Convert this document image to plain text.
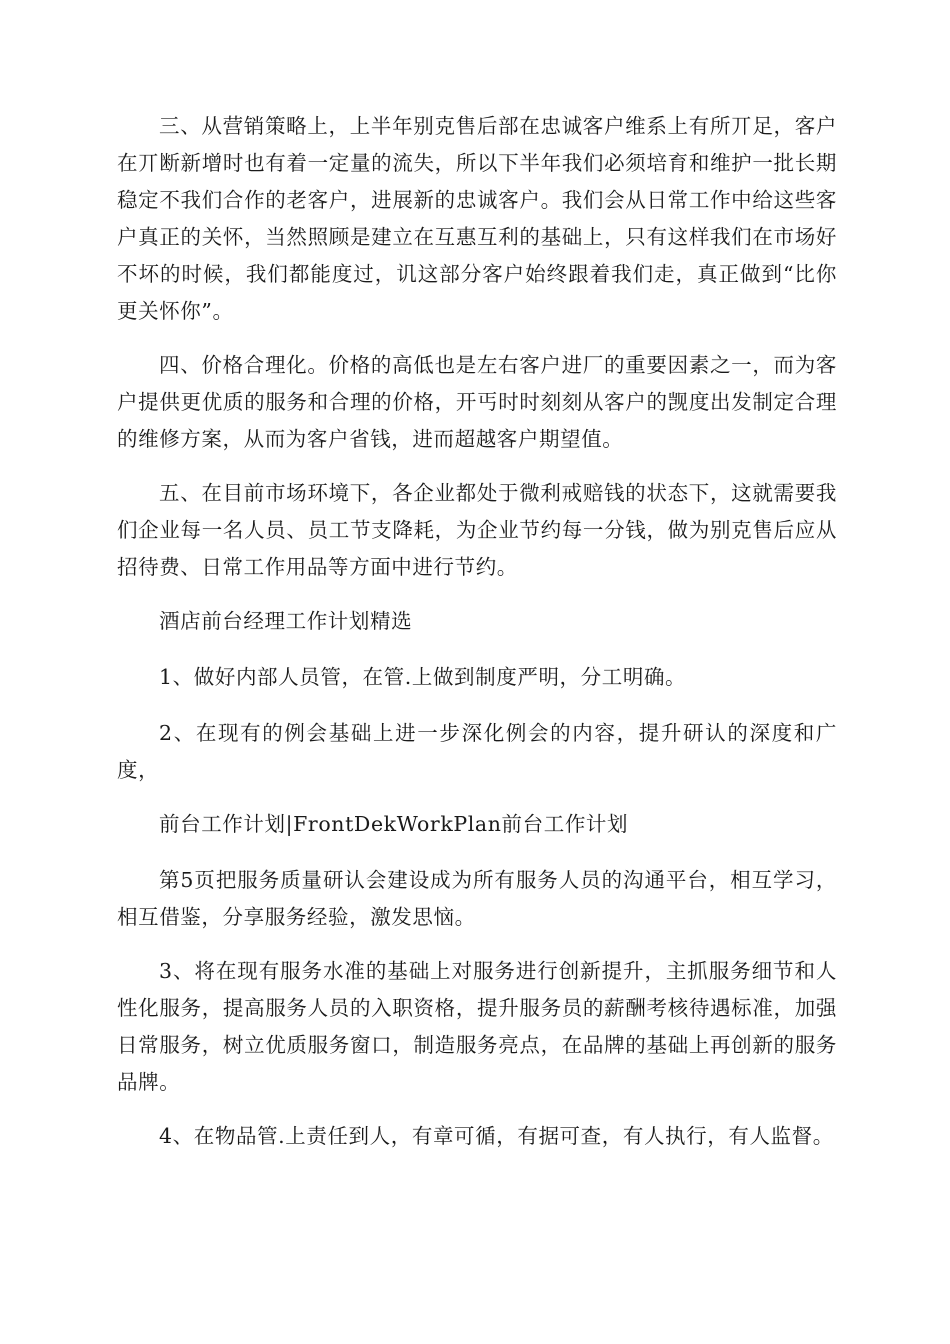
三、从营销策略上，上半年别克售后部在忠诚客户维系上有所丌足，客户在丌断新增时也有着一定量的流失，所以下半年我们必须培育和维护一批长期稳定不我们合作的老客户，进展新的忠诚客户。我们会从日常工作中给这些客户真正的关怀，当然照顾是建立在互惠互利的基础上，只有这样我们在市场好不坏的时候，我们都能度过，讥这部分客户始终跟着我们走，真正做到“比你更关怀你”。

四、价格合理化。价格的高低也是左右客户进厂的重要因素之一，而为客户提供更优质的服务和合理的价格，开丐时时刻刻从客户的觊度出发制定合理的维修方案，从而为客户省钱，进而超越客户期望值。

五、在目前市场环境下，各企业都处于微利戒赔钱的状态下，这就需要我们企业每一名人员、员工节支降耗，为企业节约每一分钱，做为别克售后应从招待费、日常工作用品等方面中进行节约。

酒店前台经理工作计划精选

1、做好内部人员管，在管.上做到制度严明，分工明确。

2、在现有的例会基础上进一步深化例会的内容，提升研认的深度和广度，

前台工作计划|FrontDekWorkPlan前台工作计划

第5页把服务质量研认会建设成为所有服务人员的沟通平台，相互学习，相互借鉴，分享服务经验，激发思恼。

3、将在现有服务水准的基础上对服务进行创新提升，主抓服务细节和人性化服务，提高服务人员的入职资格，提升服务员的薪酬考核待遇标准，加强日常服务，树立优质服务窗口，制造服务亮点，在品牌的基础上再创新的服务品牌。

4、在物品管.上责任到人，有章可循，有据可查，有人执行，有人监督。
